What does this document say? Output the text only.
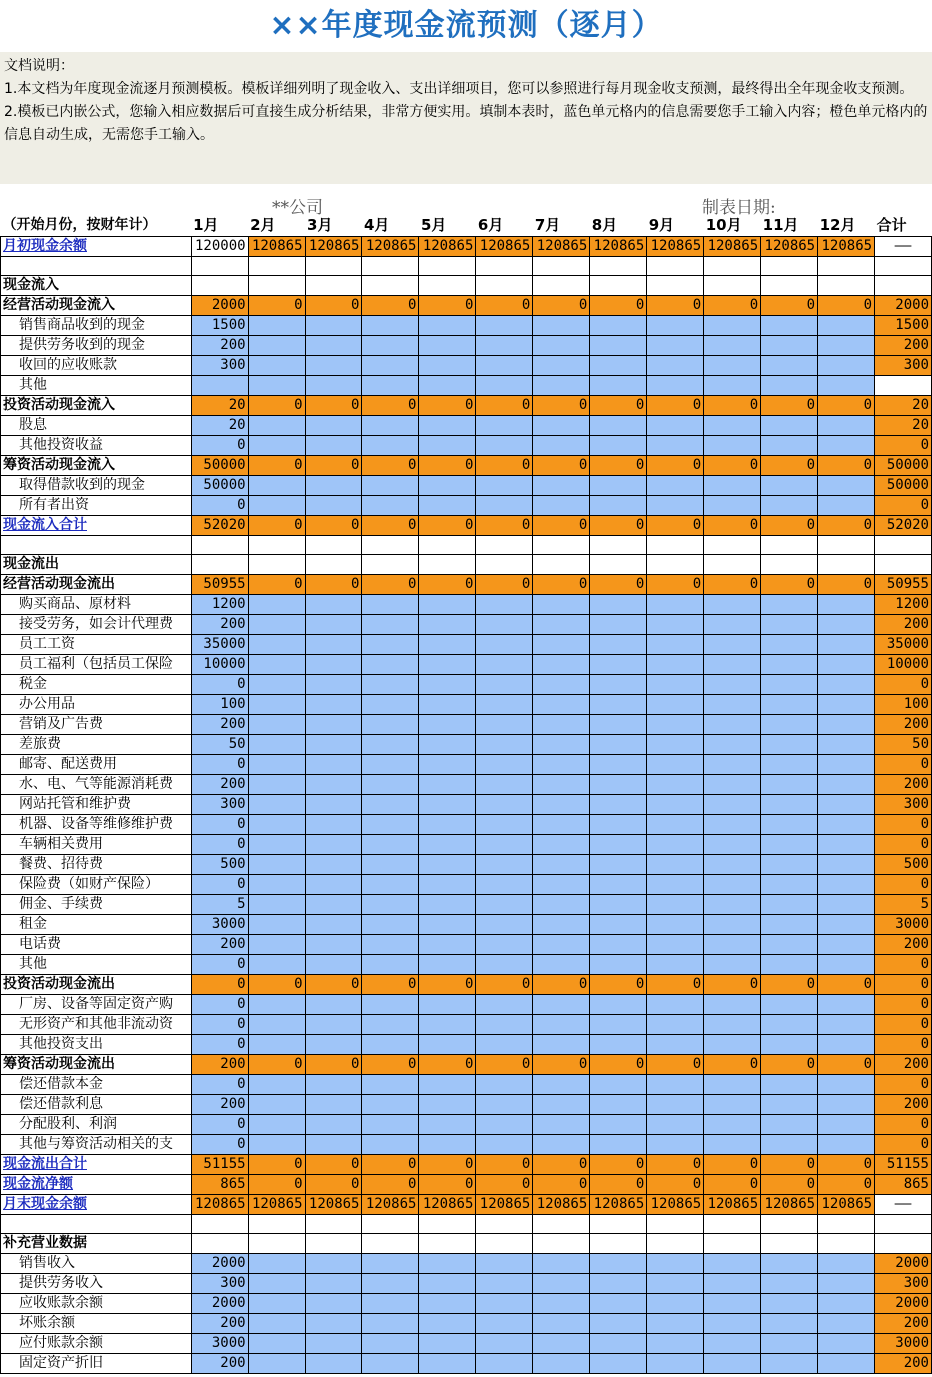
××年度现金流预测（逐月）
文档说明：
1.本文档为年度现金流逐月预测模板。模板详细列明了现金收入、支出详细项目，您可以参照进行每月现金收支预测，最终得出全年现金收支预测。
2.模板已内嵌公式，您输入相应数据后可直接生成分析结果，非常方便实用。填制本表时，蓝色单元格内的信息需要您手工输入内容；橙色单元格内的信息自动生成，无需您手工输入。
**公司	制表日期:
（开始月份，按财年计）	1月	2月	3月	4月	5月	6月	7月	8月	9月	10月	11月	12月	合计
月初现金余额	120000	120865	120865	120865	120865	120865	120865	120865	120865	120865	120865	120865	——

现金流入													
经营活动现金流入	2000	0	0	0	0	0	0	0	0	0	0	0	2000
销售商品收到的现金	1500												1500
提供劳务收到的现金	200												200
收回的应收账款	300												300
其他													
投资活动现金流入	20	0	0	0	0	0	0	0	0	0	0	0	20
股息	20												20
其他投资收益	0												0
筹资活动现金流入	50000	0	0	0	0	0	0	0	0	0	0	0	50000
取得借款收到的现金	50000												50000
所有者出资	0												0
现金流入合计	52020	0	0	0	0	0	0	0	0	0	0	0	52020

现金流出													
经营活动现金流出	50955	0	0	0	0	0	0	0	0	0	0	0	50955
购买商品、原材料	1200												1200
接受劳务，如会计代理费	200												200
员工工资	35000												35000
员工福利（包括员工保险	10000												10000
税金	0												0
办公用品	100												100
营销及广告费	200												200
差旅费	50												50
邮寄、配送费用	0												0
水、电、气等能源消耗费	200												200
网站托管和维护费	300												300
机器、设备等维修维护费	0												0
车辆相关费用	0												0
餐费、招待费	500												500
保险费（如财产保险）	0												0
佣金、手续费	5												5
租金	3000												3000
电话费	200												200
其他	0												0
投资活动现金流出	0	0	0	0	0	0	0	0	0	0	0	0	0
厂房、设备等固定资产购	0												0
无形资产和其他非流动资	0												0
其他投资支出	0												0
筹资活动现金流出	200	0	0	0	0	0	0	0	0	0	0	0	200
偿还借款本金	0												0
偿还借款利息	200												200
分配股利、利润	0												0
其他与筹资活动相关的支	0												0
现金流出合计	51155	0	0	0	0	0	0	0	0	0	0	0	51155
现金流净额	865	0	0	0	0	0	0	0	0	0	0	0	865
月末现金余额	120865	120865	120865	120865	120865	120865	120865	120865	120865	120865	120865	120865	——

补充营业数据													
销售收入	2000												2000
提供劳务收入	300												300
应收账款余额	2000												2000
坏账余额	200												200
应付账款余额	3000												3000
固定资产折旧	200												200
